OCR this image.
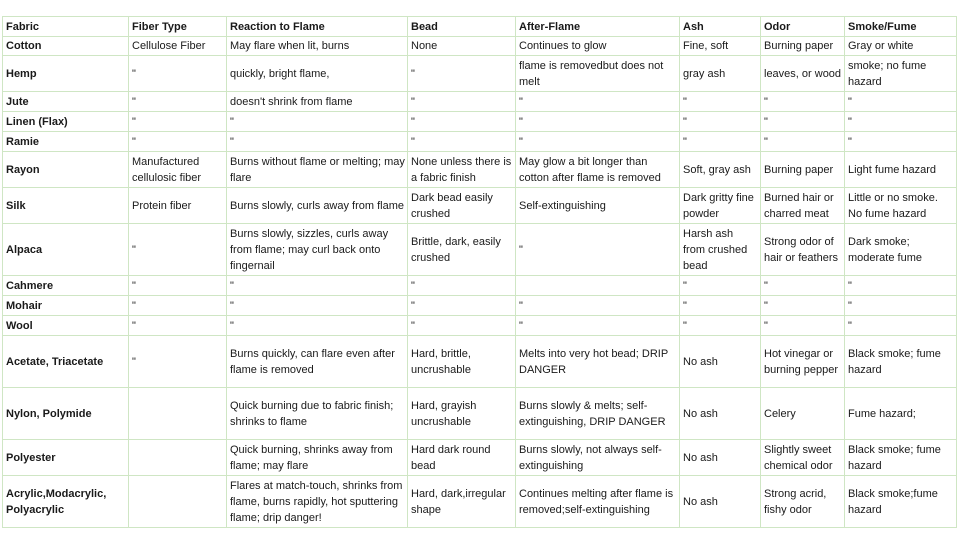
Fabric	Fiber Type	Reaction to Flame	Bead	After-Flame	Ash	Odor	Smoke/Fume
Cotton	Cellulose Fiber	May flare when lit, burns	None	Continues to glow	Fine, soft	Burning paper	Gray or white
Hemp	"	quickly, bright flame,	"	flame is removedbut does not melt	gray ash	leaves, or wood	smoke; no fume hazard
Jute	"	doesn't shrink from flame	"	"	"	"	"
Linen (Flax)	"	"	"	"	"	"	"
Ramie	"	"	"	"	"	"	"
Rayon	Manufactured cellulosic fiber	Burns without flame or melting; may flare	None unless there is a fabric finish	May glow a bit longer than cotton after flame is removed	Soft, gray ash	Burning paper	Light fume hazard
Silk	Protein fiber	Burns slowly, curls away from flame	Dark bead easily crushed	Self-extinguishing	Dark gritty fine powder	Burned hair or charred meat	Little or no smoke. No fume hazard
Alpaca	"	Burns slowly, sizzles, curls away from flame; may curl back onto fingernail	Brittle, dark, easily crushed	"	Harsh ash from crushed bead	Strong odor of hair or feathers	Dark smoke; moderate fume
Cahmere	"	"	"		"	"	"
Mohair	"	"	"	"	"	"	"
Wool	"	"	"	"	"	"	"
Acetate, Triacetate	"	Burns quickly, can flare even after flame is removed	Hard, brittle, uncrushable	Melts into very hot bead; DRIP DANGER	No ash	Hot vinegar or burning pepper	Black smoke; fume hazard
Nylon, Polymide		Quick burning due to fabric finish; shrinks to flame	Hard, grayish uncrushable	Burns slowly & melts; self-extinguishing, DRIP DANGER	No ash	Celery	Fume hazard;
Polyester		Quick burning, shrinks away from flame; may flare	Hard dark round bead	Burns slowly, not always self-extinguishing	No ash	Slightly sweet chemical odor	Black smoke; fume hazard
Acrylic,Modacrylic, Polyacrylic		Flares at match-touch, shrinks from flame, burns rapidly, hot sputtering flame; drip danger!	Hard, dark,irregular shape	Continues melting after flame is removed;self-extinguishing	No ash	Strong acrid, fishy odor	Black smoke;fume hazard
